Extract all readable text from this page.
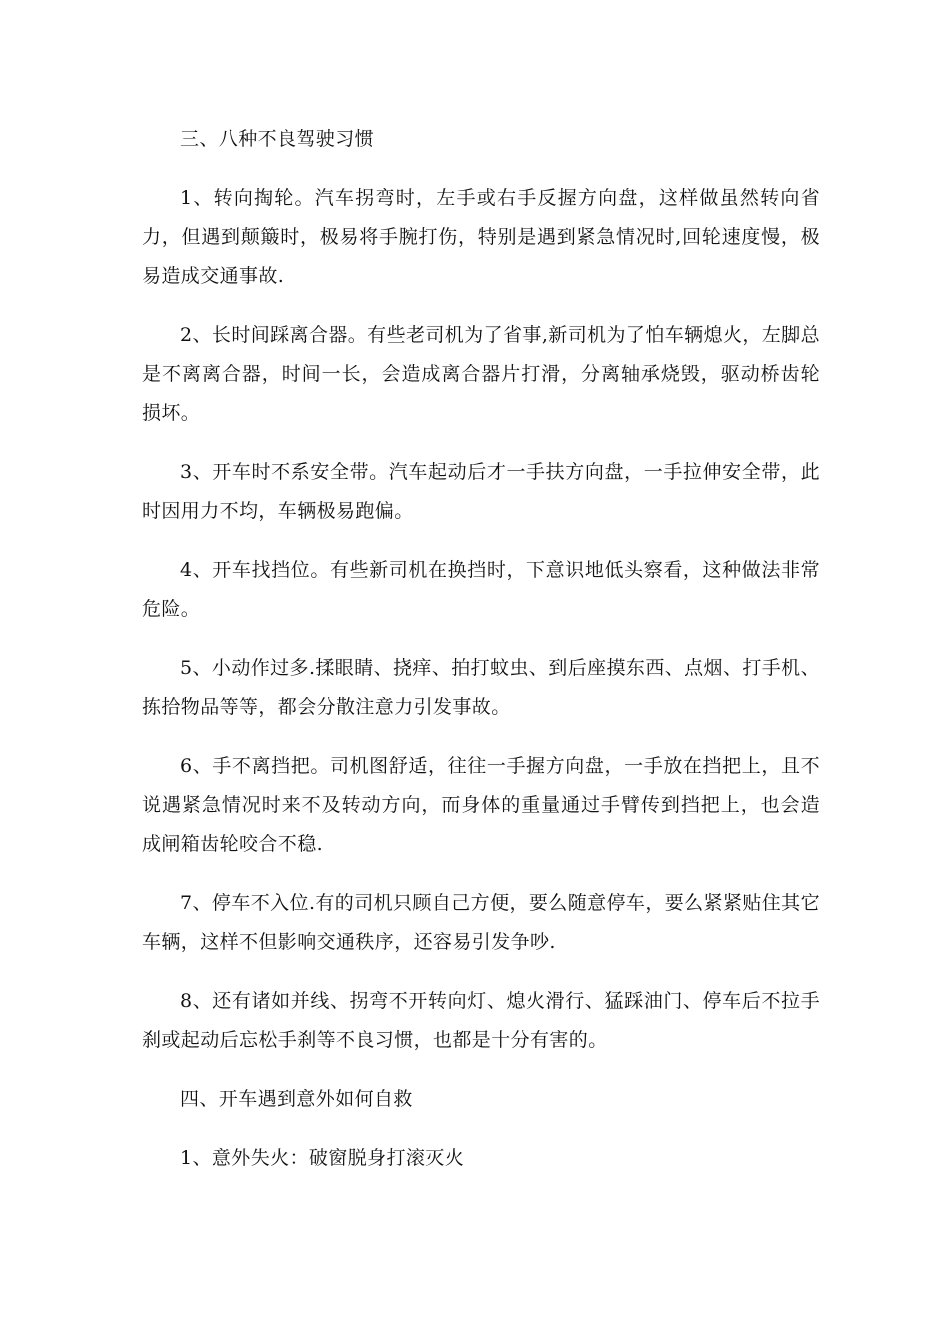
三、八种不良驾驶习惯

1、转向掏轮。汽车拐弯时，左手或右手反握方向盘，这样做虽然转向省力，但遇到颠簸时，极易将手腕打伤，特别是遇到紧急情况时,回轮速度慢，极易造成交通事故.

2、长时间踩离合器。有些老司机为了省事,新司机为了怕车辆熄火，左脚总是不离离合器，时间一长，会造成离合器片打滑，分离轴承烧毁，驱动桥齿轮损坏。

3、开车时不系安全带。汽车起动后才一手扶方向盘，一手拉伸安全带，此时因用力不均，车辆极易跑偏。

4、开车找挡位。有些新司机在换挡时，下意识地低头察看，这种做法非常危险。

5、小动作过多.揉眼睛、挠痒、拍打蚊虫、到后座摸东西、点烟、打手机、拣拾物品等等，都会分散注意力引发事故。

6、手不离挡把。司机图舒适，往往一手握方向盘，一手放在挡把上，且不说遇紧急情况时来不及转动方向，而身体的重量通过手臂传到挡把上，也会造成闸箱齿轮咬合不稳.

7、停车不入位.有的司机只顾自己方便，要么随意停车，要么紧紧贴住其它车辆，这样不但影响交通秩序，还容易引发争吵.

8、还有诸如并线、拐弯不开转向灯、熄火滑行、猛踩油门、停车后不拉手刹或起动后忘松手刹等不良习惯，也都是十分有害的。

四、开车遇到意外如何自救

1、意外失火：破窗脱身打滚灭火
